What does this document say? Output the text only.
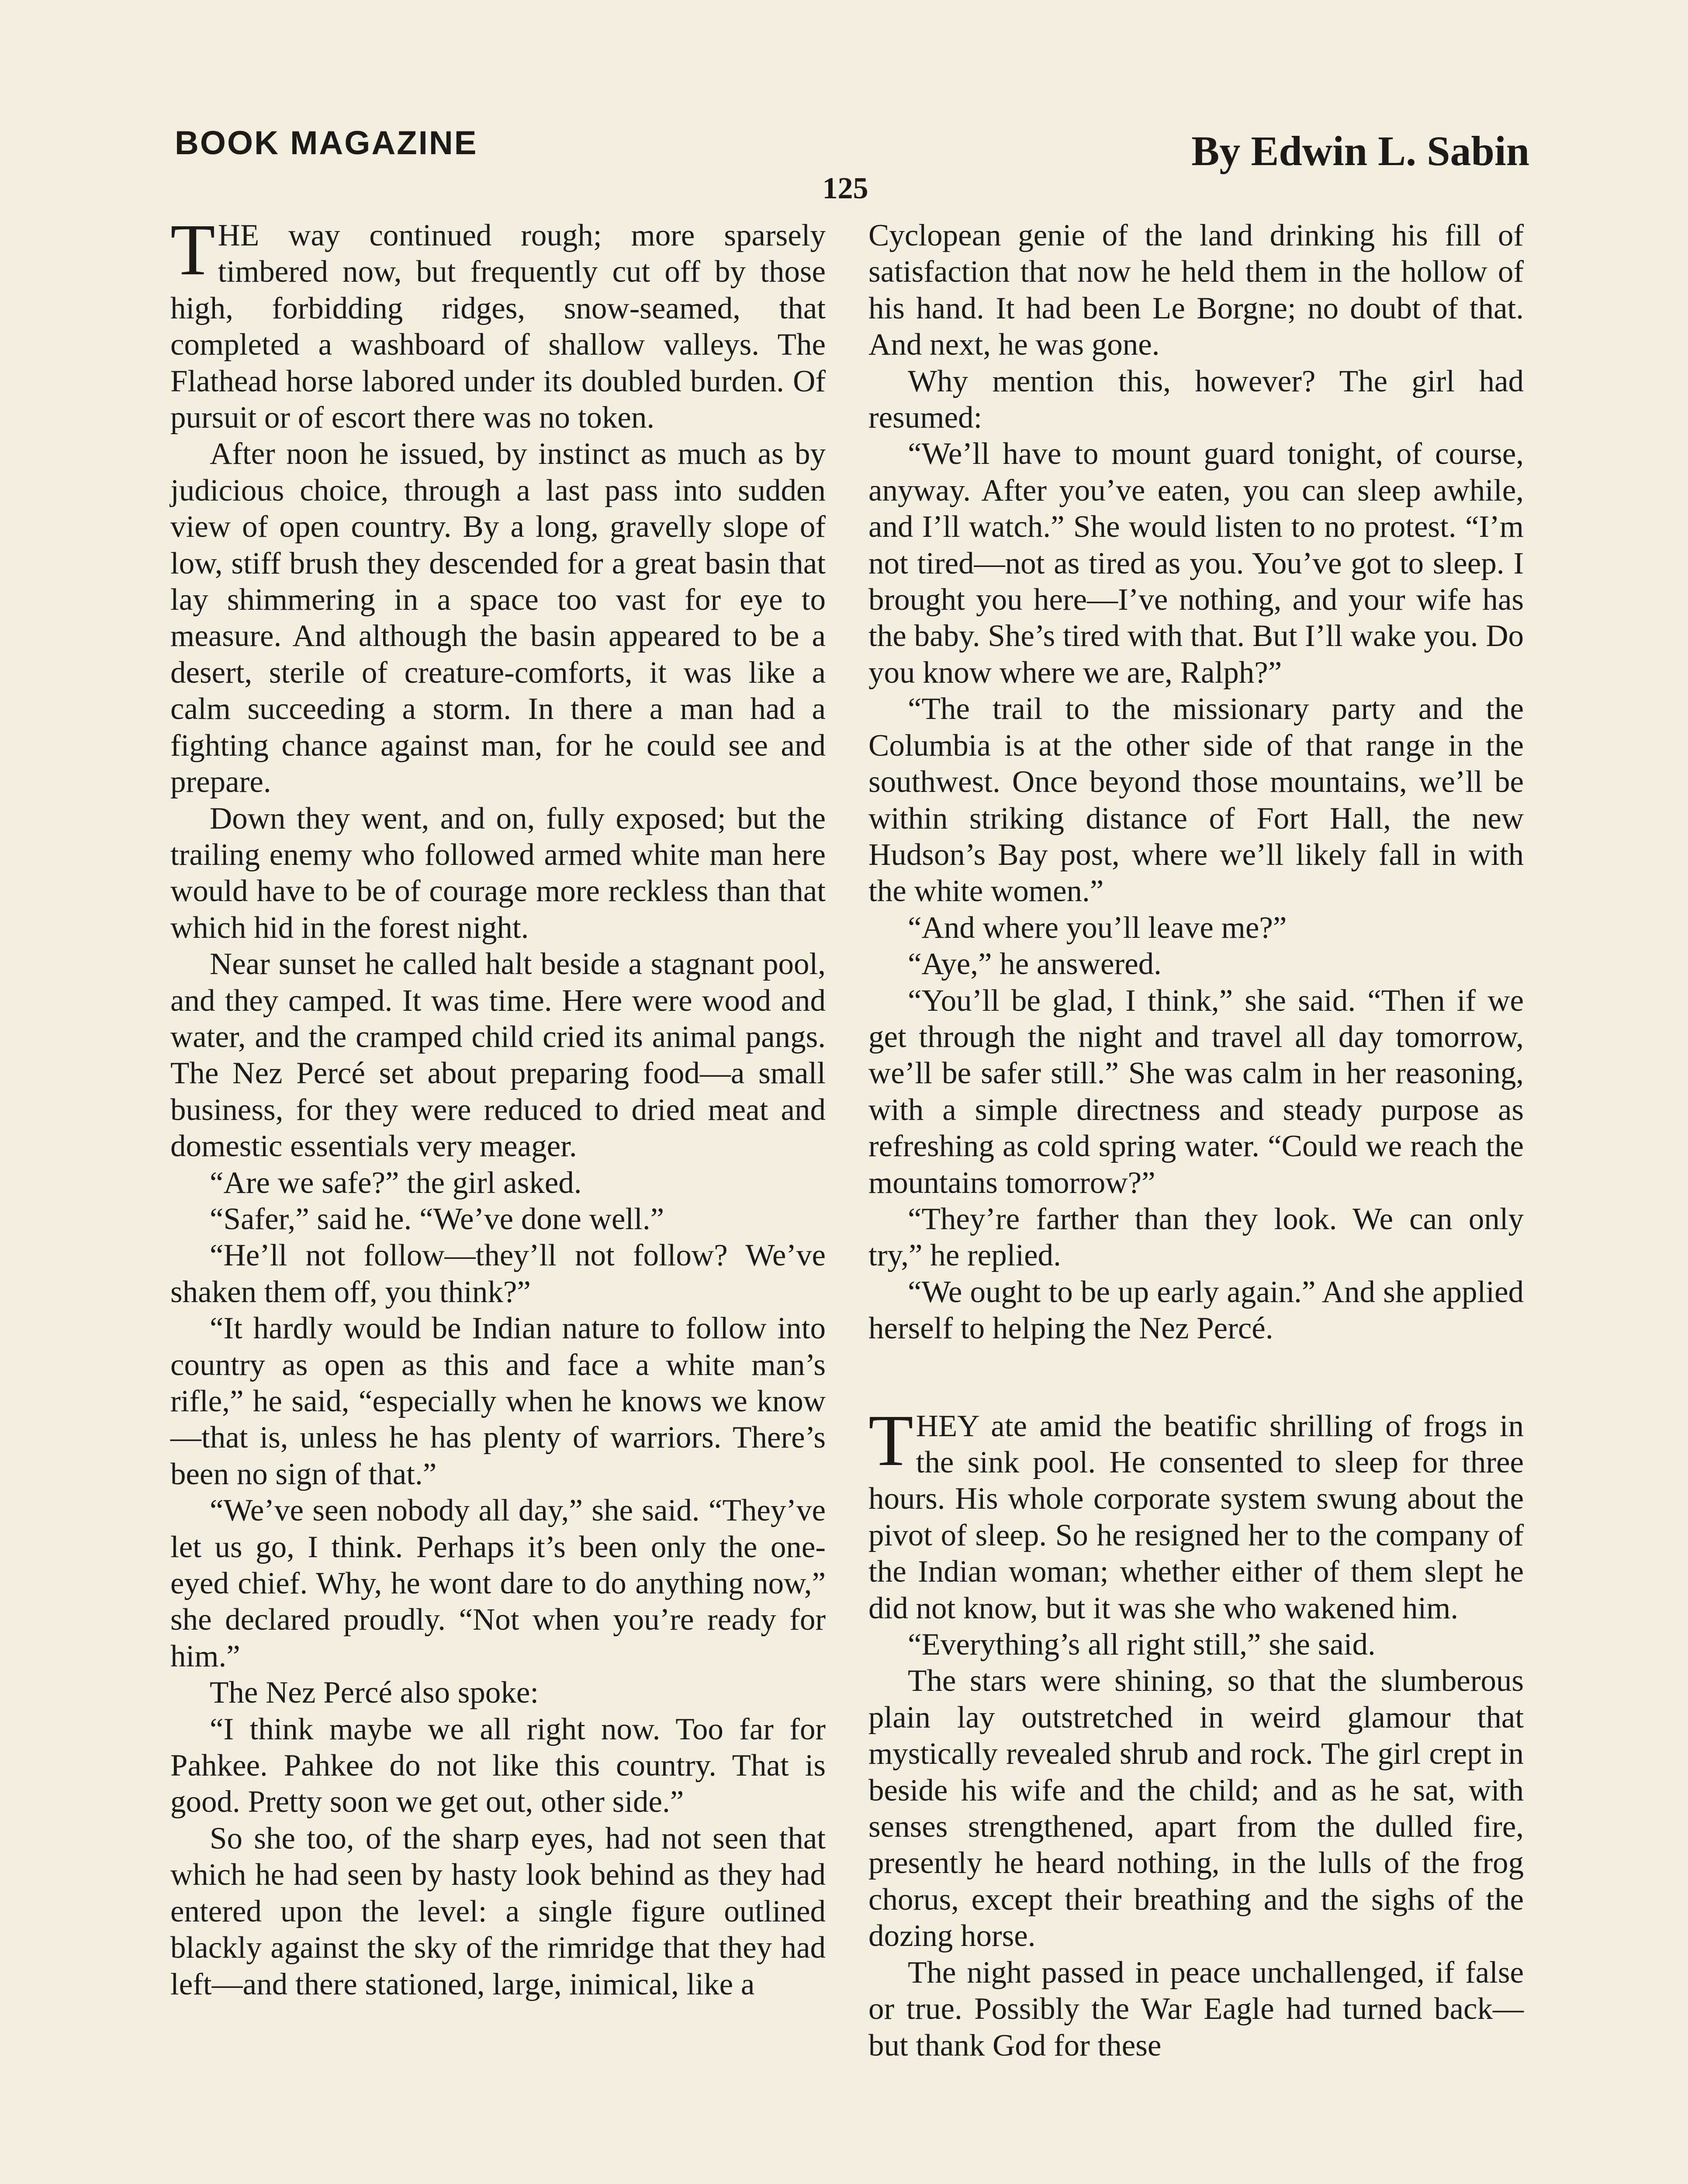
BOOK MAGAZINE	By Edwin L. Sabin
125

THE way continued rough; more sparsely timbered now, but frequently cut off by those high, forbidding ridges, snow-seamed, that completed a washboard of shallow valleys. The Flathead horse labored under its doubled burden. Of pursuit or of escort there was no token.

After noon he issued, by instinct as much as by judicious choice, through a last pass into sudden view of open country. By a long, gravelly slope of low, stiff brush they descended for a great basin that lay shimmering in a space too vast for eye to measure. And although the basin appeared to be a desert, sterile of creature-comforts, it was like a calm succeeding a storm. In there a man had a fighting chance against man, for he could see and prepare.

Down they went, and on, fully exposed; but the trailing enemy who followed armed white man here would have to be of courage more reckless than that which hid in the forest night.

Near sunset he called halt beside a stagnant pool, and they camped. It was time. Here were wood and water, and the cramped child cried its animal pangs. The Nez Percé set about preparing food—a small business, for they were reduced to dried meat and domestic essentials very meager.

“Are we safe?” the girl asked.

“Safer,” said he. “We’ve done well.”

“He’ll not follow—they’ll not follow? We’ve shaken them off, you think?”

“It hardly would be Indian nature to follow into country as open as this and face a white man’s rifle,” he said, “especially when he knows we know—that is, unless he has plenty of warriors. There’s been no sign of that.”

“We’ve seen nobody all day,” she said. “They’ve let us go, I think. Perhaps it’s been only the one-eyed chief. Why, he wont dare to do anything now,” she declared proudly. “Not when you’re ready for him.”

The Nez Percé also spoke:

“I think maybe we all right now. Too far for Pahkee. Pahkee do not like this country. That is good. Pretty soon we get out, other side.”

So she too, of the sharp eyes, had not seen that which he had seen by hasty look behind as they had entered upon the level: a single figure outlined blackly against the sky of the rimridge that they had left—and there stationed, large, inimical, like a

Cyclopean genie of the land drinking his fill of satisfaction that now he held them in the hollow of his hand. It had been Le Borgne; no doubt of that. And next, he was gone.

Why mention this, however? The girl had resumed:

“We’ll have to mount guard tonight, of course, anyway. After you’ve eaten, you can sleep awhile, and I’ll watch.” She would listen to no protest. “I’m not tired—not as tired as you. You’ve got to sleep. I brought you here—I’ve nothing, and your wife has the baby. She’s tired with that. But I’ll wake you. Do you know where we are, Ralph?”

“The trail to the missionary party and the Columbia is at the other side of that range in the southwest. Once beyond those mountains, we’ll be within striking distance of Fort Hall, the new Hudson’s Bay post, where we’ll likely fall in with the white women.”

“And where you’ll leave me?”

“Aye,” he answered.

“You’ll be glad, I think,” she said. “Then if we get through the night and travel all day tomorrow, we’ll be safer still.” She was calm in her reasoning, with a simple directness and steady purpose as refreshing as cold spring water. “Could we reach the mountains tomorrow?”

“They’re farther than they look. We can only try,” he replied.

“We ought to be up early again.” And she applied herself to helping the Nez Percé.

THEY ate amid the beatific shrilling of frogs in the sink pool. He consented to sleep for three hours. His whole corporate system swung about the pivot of sleep. So he resigned her to the company of the Indian woman; whether either of them slept he did not know, but it was she who wakened him.

“Everything’s all right still,” she said.

The stars were shining, so that the slumberous plain lay outstretched in weird glamour that mystically revealed shrub and rock. The girl crept in beside his wife and the child; and as he sat, with senses strengthened, apart from the dulled fire, presently he heard nothing, in the lulls of the frog chorus, except their breathing and the sighs of the dozing horse.

The night passed in peace unchallenged, if false or true. Possibly the War Eagle had turned back—but thank God for these
